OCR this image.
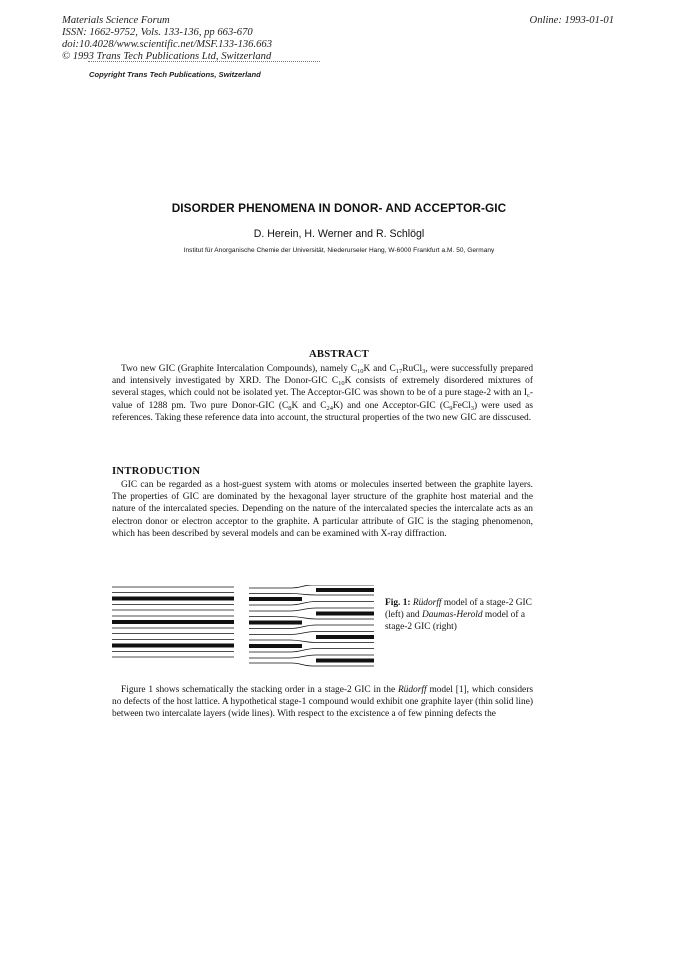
Materials Science Forum
ISSN: 1662-9752, Vols. 133-136, pp 663-670
doi:10.4028/www.scientific.net/MSF.133-136.663
© 1993 Trans Tech Publications Ltd, Switzerland
Online: 1993-01-01
Copyright Trans Tech Publications, Switzerland
DISORDER PHENOMENA IN DONOR- AND ACCEPTOR-GIC
D. Herein, H. Werner and R. Schlögl
Institut für Anorganische Chemie der Universität, Niederurseler Hang, W-6000 Frankfurt a.M. 50, Germany
ABSTRACT

Two new GIC (Graphite Intercalation Compounds), namely $C_{10}K$ and $C_{17}RuCl_3$, were successfully prepared and intensively investigated by XRD. The Donor-GIC $C_{10}K$ consists of extremely disordered mixtures of several stages, which could not be isolated yet. The Acceptor-GIC was shown to be of a pure stage-2 with an $I_c$-value of 1288 pm. Two pure Donor-GIC ($C_8K$ and $C_{24}K$) and one Acceptor-GIC $(C_9FeCl_3)$ were used as references. Taking these reference data into account, the structural properties of the two new GIC are disscused.

INTRODUCTION

GIC can be regarded as a host-guest system with atoms or molecules inserted between the graphite layers. The properties of GIC are dominated by the hexagonal layer structure of the graphite host material and the nature of the intercalated species. Depending on the nature of the intercalated species the intercalate acts as an electron donor or electron acceptor to the graphite. A particular attribute of GIC is the staging phenomenon, which has been described by several models and can be examined with X-ray diffraction.

Fig. 1: Rüdorff model of a stage-2 GIC (left) and Daumas-Herold model of a stage-2 GIC (right)

Figure 1 shows schematically the stacking order in a stage-2 GIC in the Rüdorff model [1], which considers no defects of the host lattice. A hypothetical stage-1 compound would exhibit one graphite layer (thin solid line) between two intercalate layers (wide lines). With respect to the excistence a of few pinning defects the
